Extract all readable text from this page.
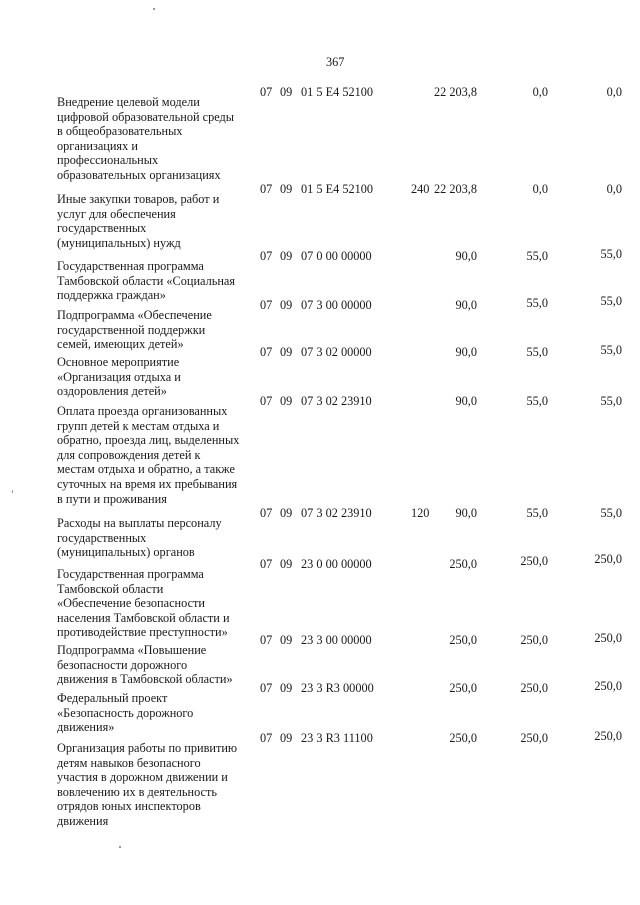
367
Внедрение целевой модели
цифровой образовательной среды
в общеобразовательных
организациях и
профессиональных
образовательных организациях
07 09 01 5 E4 52100	22 203,8	0,0	0,0
Иные закупки товаров, работ и
услуг для обеспечения
государственных
(муниципальных) нужд
07 09 01 5 E4 52100	240 22 203,8	0,0	0,0
Государственная программа
Тамбовской области «Социальная
поддержка граждан»
07 09 07 0 00 00000	90,0	55,0	55,0
Подпрограмма «Обеспечение
государственной поддержки
семей, имеющих детей»
07 09 07 3 00 00000	90,0	55,0	55,0
Основное мероприятие
«Организация отдыха и
оздоровления детей»
07 09 07 3 02 00000	90,0	55,0	55,0
Оплата проезда организованных
групп детей к местам отдыха и
обратно, проезда лиц, выделенных
для сопровождения детей к
местам отдыха и обратно, а также
суточных на время их пребывания
в пути и проживания
07 09 07 3 02 23910	90,0	55,0	55,0
Расходы на выплаты персоналу
государственных
(муниципальных) органов
07 09 07 3 02 23910	120	90,0	55,0	55,0
Государственная программа
Тамбовской области
«Обеспечение безопасности
населения Тамбовской области и
противодействие преступности»
07 09 23 0 00 00000	250,0	250,0	250,0
Подпрограмма «Повышение
безопасности дорожного
движения в Тамбовской области»
07 09 23 3 00 00000	250,0	250,0	250,0
Федеральный проект
«Безопасность дорожного
движения»
07 09 23 3 R3 00000	250,0	250,0	250,0
Организация работы по привитию
детям навыков безопасного
участия в дорожном движении и
вовлечению их в деятельность
отрядов юных инспекторов
движения
07 09 23 3 R3 11100	250,0	250,0	250,0
